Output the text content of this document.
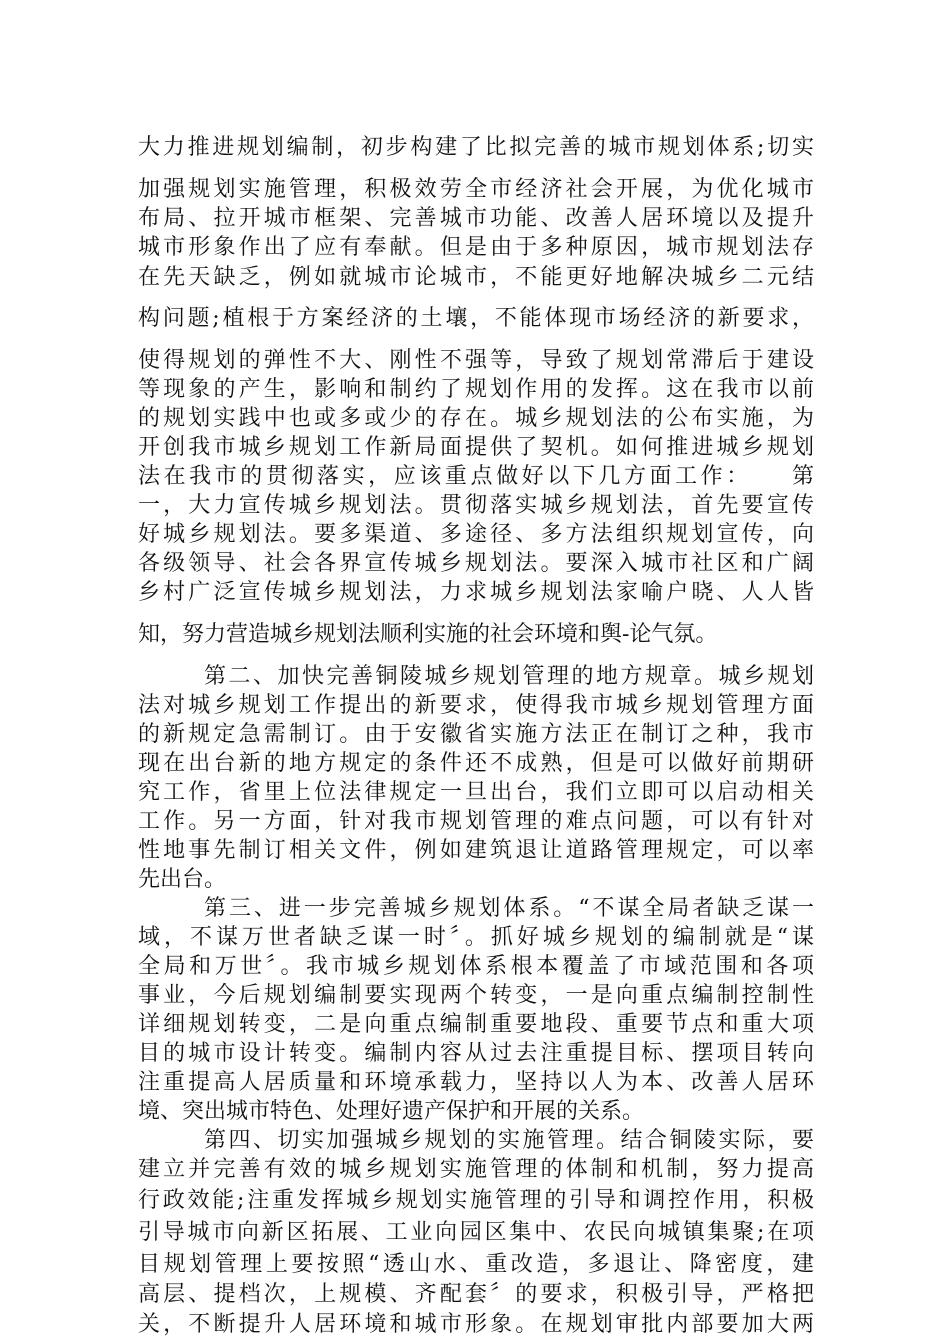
大力推进规划编制，初步构建了比拟完善的城市规划体系;切实
加强规划实施管理，积极效劳全市经济社会开展，为优化城市
布局、拉开城市框架、完善城市功能、改善人居环境以及提升
城市形象作出了应有奉献。但是由于多种原因，城市规划法存
在先天缺乏，例如就城市论城市，不能更好地解决城乡二元结
构问题;植根于方案经济的土壤，不能体现市场经济的新要求，
使得规划的弹性不大、刚性不强等，导致了规划常滞后于建设
等现象的产生，影响和制约了规划作用的发挥。这在我市以前
的规划实践中也或多或少的存在。城乡规划法的公布实施，为
开创我市城乡规划工作新局面提供了契机。如何推进城乡规划
法在我市的贯彻落实，应该重点做好以下几方面工作：　　第
一，大力宣传城乡规划法。贯彻落实城乡规划法，首先要宣传
好城乡规划法。要多渠道、多途径、多方法组织规划宣传，向
各级领导、社会各界宣传城乡规划法。要深入城市社区和广阔
乡村广泛宣传城乡规划法，力求城乡规划法家喻户晓、人人皆
知，努力营造城乡规划法顺利实施的社会环境和舆-论气氛。
第二、加快完善铜陵城乡规划管理的地方规章。城乡规划
法对城乡规划工作提出的新要求，使得我市城乡规划管理方面
的新规定急需制订。由于安徽省实施方法正在制订之种，我市
现在出台新的地方规定的条件还不成熟，但是可以做好前期研
究工作，省里上位法律规定一旦出台，我们立即可以启动相关
工作。另一方面，针对我市规划管理的难点问题，可以有针对
性地事先制订相关文件，例如建筑退让道路管理规定，可以率
先出台。
第三、进一步完善城乡规划体系。“不谋全局者缺乏谋一
域，不谋万世者缺乏谋一时〞。抓好城乡规划的编制就是“谋
全局和万世〞。我市城乡规划体系根本覆盖了市域范围和各项
事业，今后规划编制要实现两个转变，一是向重点编制控制性
详细规划转变，二是向重点编制重要地段、重要节点和重大项
目的城市设计转变。编制内容从过去注重提目标、摆项目转向
注重提高人居质量和环境承载力，坚持以人为本、改善人居环
境、突出城市特色、处理好遗产保护和开展的关系。
第四、切实加强城乡规划的实施管理。结合铜陵实际，要
建立并完善有效的城乡规划实施管理的体制和机制，努力提高
行政效能;注重发挥城乡规划实施管理的引导和调控作用，积极
引导城市向新区拓展、工业向园区集中、农民向城镇集聚;在项
目规划管理上要按照“透山水、重改造，多退让、降密度，建
高层、提档次，上规模、齐配套〞的要求，积极引导，严格把
关，不断提升人居环境和城市形象。在规划审批内部要加大两
